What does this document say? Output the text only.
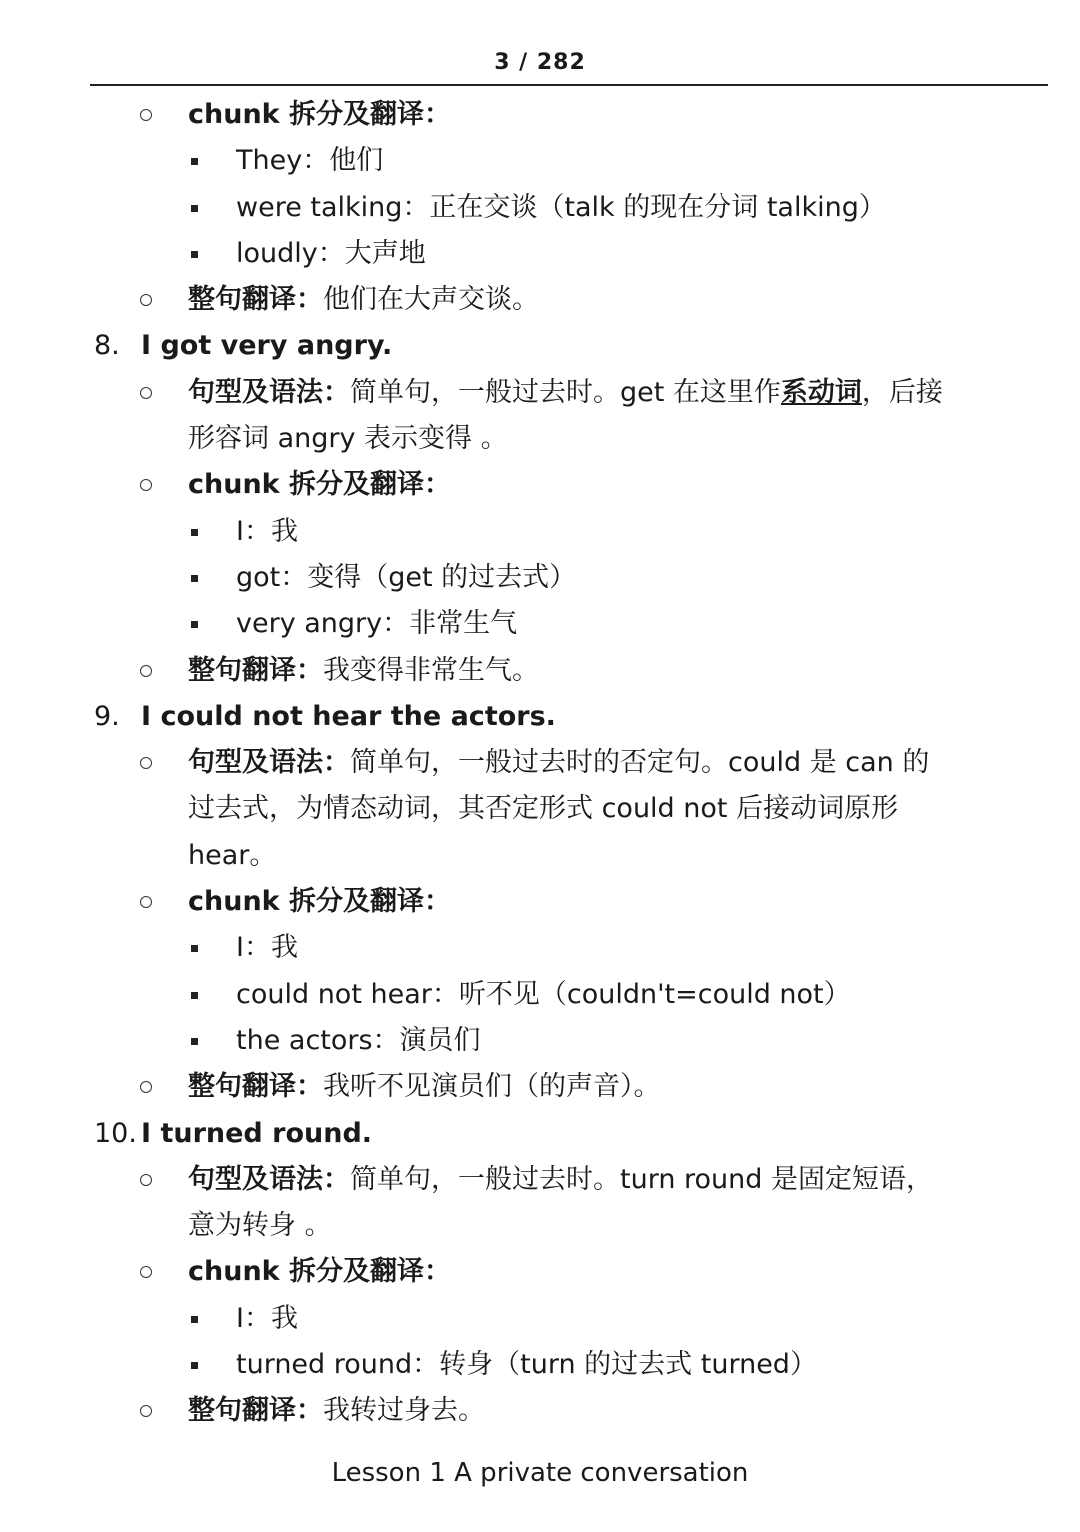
3 / 282
chunk 拆分及翻译：
They：他们
were talking：正在交谈（talk 的现在分词 talking）
loudly：大声地
整句翻译：他们在大声交谈。
8. I got very angry.
句型及语法：简单句，一般过去时。get 在这里作系动词，后接
形容词 angry 表示变得 。
chunk 拆分及翻译：
I：我
got：变得（get 的过去式）
very angry：非常生气
整句翻译：我变得非常生气。
9. I could not hear the actors.
句型及语法：简单句，一般过去时的否定句。could 是 can 的
过去式，为情态动词，其否定形式 could not 后接动词原形
hear。
chunk 拆分及翻译：
I：我
could not hear：听不见（couldn't=could not）
the actors：演员们
整句翻译：我听不见演员们（的声音）。
10. I turned round.
句型及语法：简单句，一般过去时。turn round 是固定短语，
意为转身 。
chunk 拆分及翻译：
I：我
turned round：转身（turn 的过去式 turned）
整句翻译：我转过身去。
Lesson 1 A private conversation
